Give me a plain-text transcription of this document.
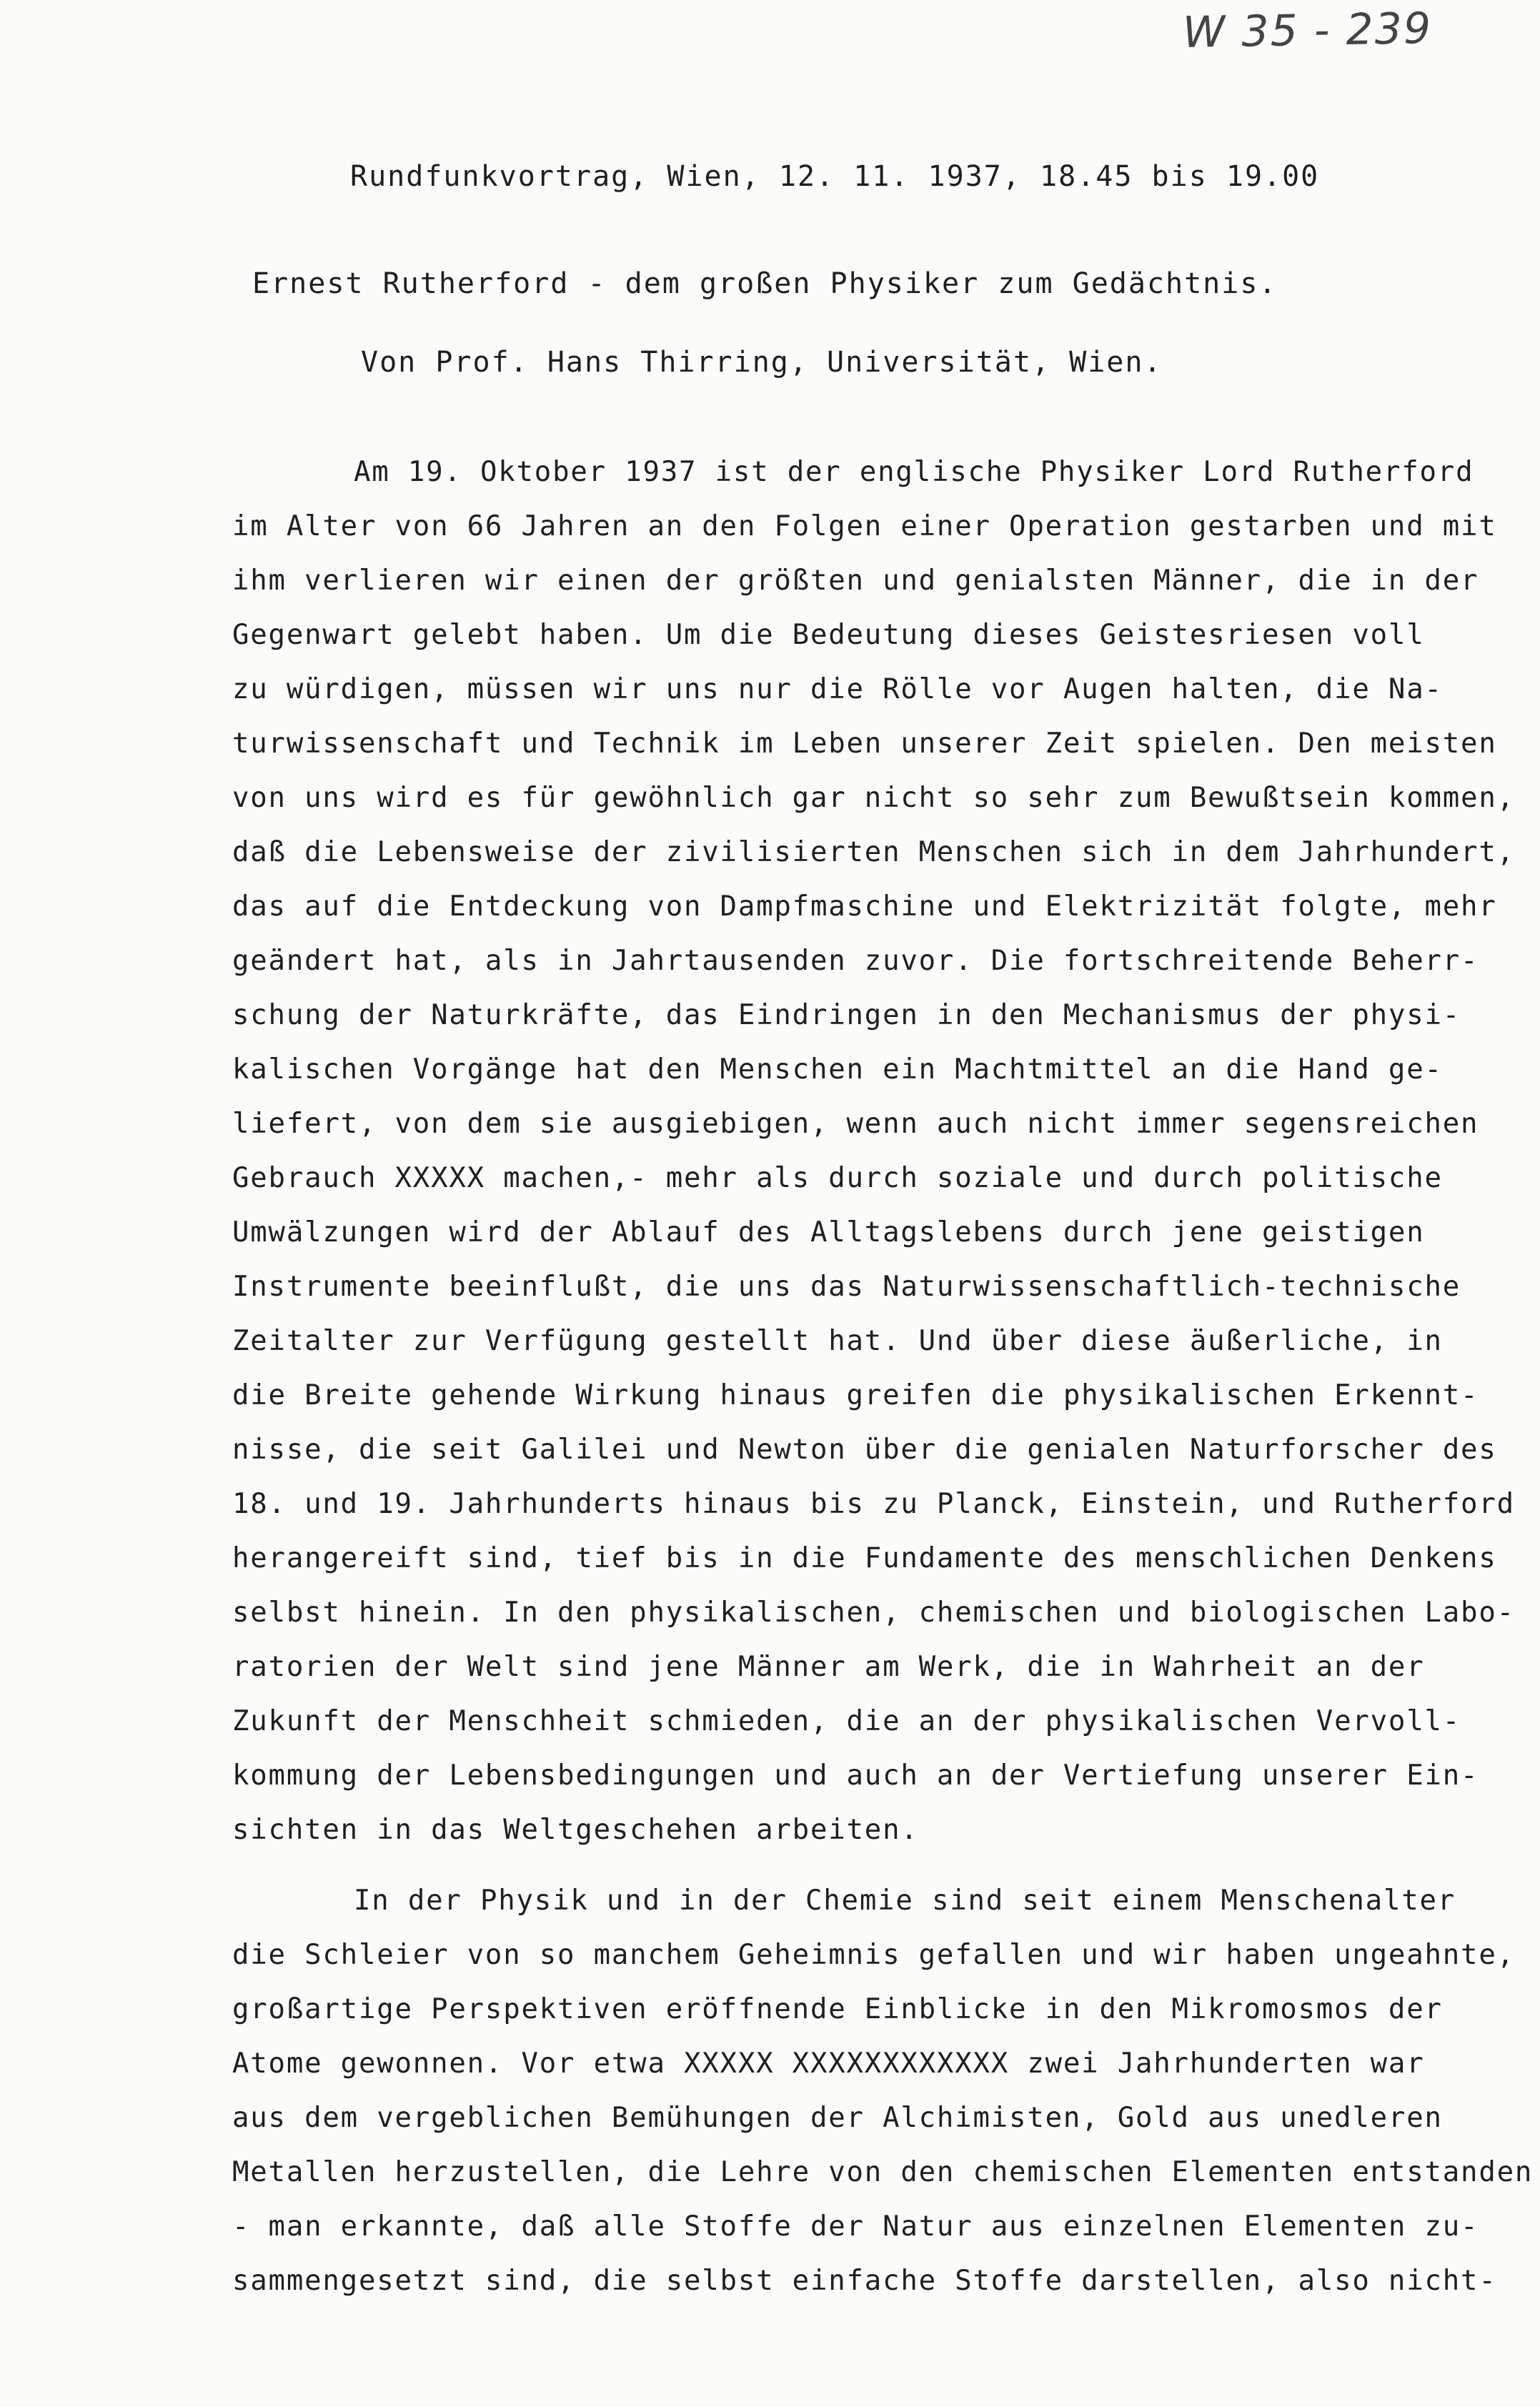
W 35 - 239
Rundfunkvortrag, Wien, 12. 11. 1937, 18.45 bis 19.00
Ernest Rutherford - dem großen Physiker zum Gedächtnis.
Von Prof. Hans Thirring, Universität, Wien.
Am 19. Oktober 1937 ist der englische Physiker Lord Rutherford
im Alter von 66 Jahren an den Folgen einer Operation gestarben und mit
ihm verlieren wir einen der größten und genialsten Männer, die in der
Gegenwart gelebt haben. Um die Bedeutung dieses Geistesriesen voll
zu würdigen, müssen wir uns nur die Rölle vor Augen halten, die Na-
turwissenschaft und Technik im Leben unserer Zeit spielen. Den meisten
von uns wird es für gewöhnlich gar nicht so sehr zum Bewußtsein kommen,
daß die Lebensweise der zivilisierten Menschen sich in dem Jahrhundert,
das auf die Entdeckung von Dampfmaschine und Elektrizität folgte, mehr
geändert hat, als in Jahrtausenden zuvor. Die fortschreitende Beherr-
schung der Naturkräfte, das Eindringen in den Mechanismus der physi-
kalischen Vorgänge hat den Menschen ein Machtmittel an die Hand ge-
liefert, von dem sie ausgiebigen, wenn auch nicht immer segensreichen
Gebrauch XXXXX machen,- mehr als durch soziale und durch politische
Umwälzungen wird der Ablauf des Alltagslebens durch jene geistigen
Instrumente beeinflußt, die uns das Naturwissenschaftlich-technische
Zeitalter zur Verfügung gestellt hat. Und über diese äußerliche, in
die Breite gehende Wirkung hinaus greifen die physikalischen Erkennt-
nisse, die seit Galilei und Newton über die genialen Naturforscher des
18. und 19. Jahrhunderts hinaus bis zu Planck, Einstein, und Rutherford
herangereift sind, tief bis in die Fundamente des menschlichen Denkens
selbst hinein. In den physikalischen, chemischen und biologischen Labo-
ratorien der Welt sind jene Männer am Werk, die in Wahrheit an der
Zukunft der Menschheit schmieden, die an der physikalischen Vervoll-
kommung der Lebensbedingungen und auch an der Vertiefung unserer Ein-
sichten in das Weltgeschehen arbeiten.
In der Physik und in der Chemie sind seit einem Menschenalter
die Schleier von so manchem Geheimnis gefallen und wir haben ungeahnte,
großartige Perspektiven eröffnende Einblicke in den Mikromosmos der
Atome gewonnen. Vor etwa XXXXX XXXXXXXXXXXX zwei Jahrhunderten war
aus dem vergeblichen Bemühungen der Alchimisten, Gold aus unedleren
Metallen herzustellen, die Lehre von den chemischen Elementen entstanden
- man erkannte, daß alle Stoffe der Natur aus einzelnen Elementen zu-
sammengesetzt sind, die selbst einfache Stoffe darstellen, also nicht-
